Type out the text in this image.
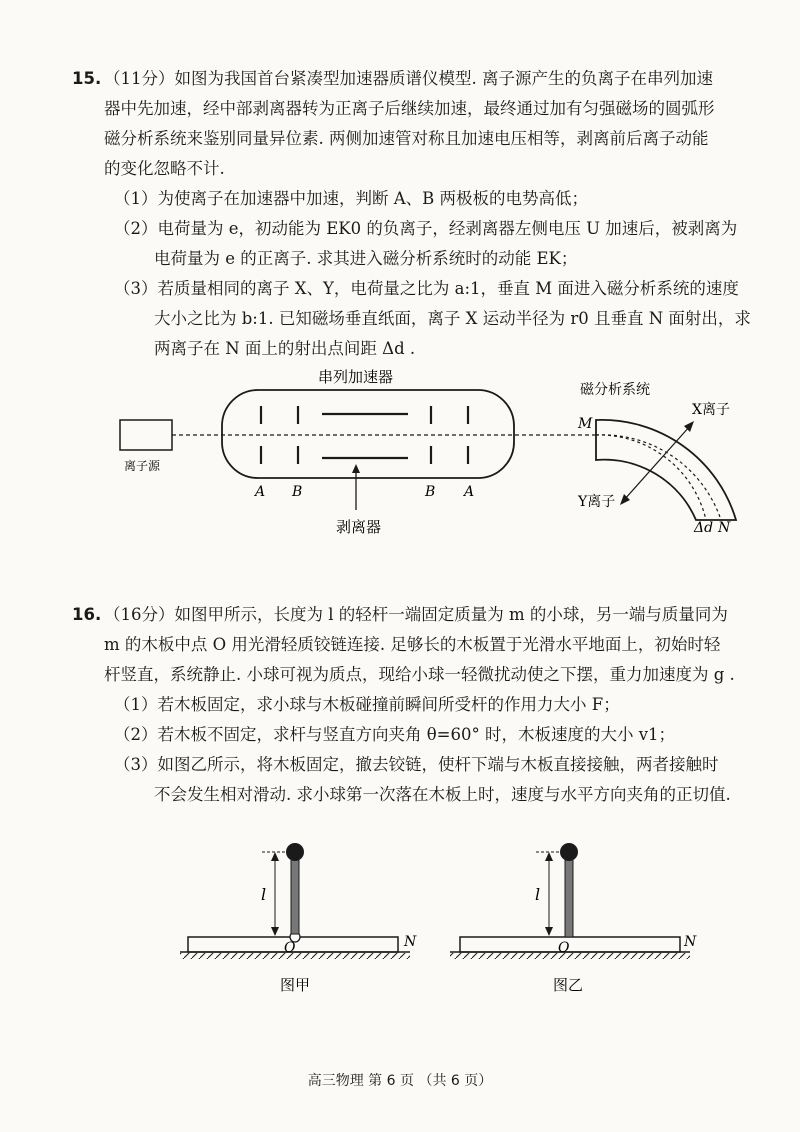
15. （11分）如图为我国首台紧凑型加速器质谱仪模型. 离子源产生的负离子在串列加速
器中先加速，经中部剥离器转为正离子后继续加速，最终通过加有匀强磁场的圆弧形
磁分析系统来鉴别同量异位素. 两侧加速管对称且加速电压相等，剥离前后离子动能
的变化忽略不计.
（1）为使离子在加速器中加速，判断 A、B 两极板的电势高低；
（2）电荷量为 e，初动能为 EK0 的负离子，经剥离器左侧电压 U 加速后，被剥离为
电荷量为 e 的正离子. 求其进入磁分析系统时的动能 EK；
（3）若质量相同的离子 X、Y，电荷量之比为 a:1，垂直 M 面进入磁分析系统的速度
大小之比为 b:1. 已知磁场垂直纸面，离子 X 运动半径为 r0 且垂直 N 面射出，求
两离子在 N 面上的射出点间距 Δd .
离子源
串列加速器
A B	B A
剥离器
磁分析系统
M
N
X离子
Y离子
Δd
16. （16分）如图甲所示，长度为 l 的轻杆一端固定质量为 m 的小球，另一端与质量同为
m 的木板中点 O 用光滑轻质铰链连接. 足够长的木板置于光滑水平地面上，初始时轻
杆竖直，系统静止. 小球可视为质点，现给小球一轻微扰动使之下摆，重力加速度为 g .
（1）若木板固定，求小球与木板碰撞前瞬间所受杆的作用力大小 F；
（2）若木板不固定，求杆与竖直方向夹角 θ=60° 时，木板速度的大小 v1；
（3）如图乙所示，将木板固定，撤去铰链，使杆下端与木板直接接触，两者接触时
不会发生相对滑动. 求小球第一次落在木板上时，速度与水平方向夹角的正切值.
l
O	N
图甲
l
O	N
图乙
高三物理 第 6 页 （共 6 页）
